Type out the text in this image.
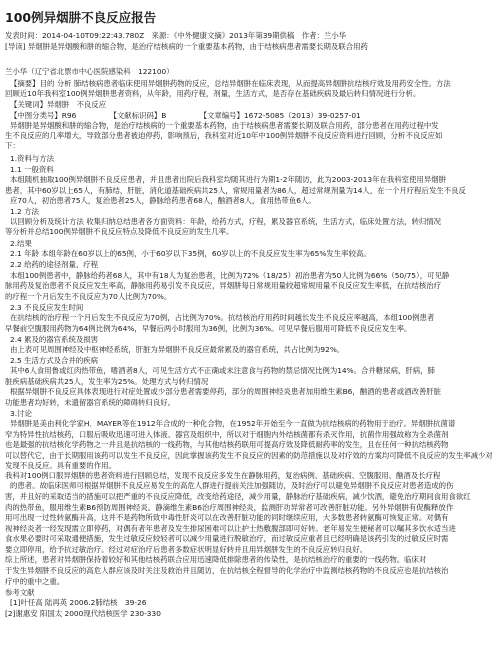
100例异烟肼不良反应报告
发表时间：2014-04-10T09:22:43.780Z　来源：《中外健康文摘》2013年第39期供稿　作者：兰小华
[导读] 异烟肼是异烟酸和肼的缩合物，是治疗结核病的一个重要基本药物，由于结核病患者需要长期及联合用药
兰小华（辽宁省北票市中心医院感染科　122100）
【摘要】目的 分析 肺结核病患者临床使用异烟肼药物的反应，总结异烟肼在临床表现，从而提高异烟肼抗结核疗效及用药安全性。方法
回顾近10年我科室100例异烟肼患者资料，从年龄，用药疗程，剂量，生活方式，是否存在基础疾病及最后转归情况进行分析。
【关键词】异烟肼　不良反应
【中图分类号】R96　　　　　【文献标识码】B　　　　　【文章编号】1672-5085（2013）39-0257-01
异烟肼是异烟酸和肼的缩合物，是治疗结核病的一个重要基本药物，由于结核病患者需要长期及联合用药，部分患者在用药过程中发
生不良反应的几率增大，导致部分患者被迫停药，影响预后，我科室对近10年中100例异烟肼不良反应资料进行回顾，分析不良反应如
下：
1.资料与方法
1.1 一般资料
本组随机抽取100例异烟肼不良反应患者，并且患者出院后我科室均随其进行为期1-2年随访，此为2003-2013年在我科室使用异烟肼
患者，其中60岁以上65人，有肺结，肝脏，消化道基础疾病共25人，常规用量者为86人，超过常规剂量为14人，在一个月疗程后发生不良反
应70人，初治患者75人，复治患者25人，静脉给药患者68人，酗酒者8人，食用热带鱼6人。
1.2 方法
以回顾分析及统计方法 收集归纳总结患者各方面资料：年龄，给药方式，疗程，累及器官系统，生活方式，临床处置方法，转归情况
等分析并总结100例异烟肼不良反应特点及降低不良反应的发生几率。
2.结果
2.1 年龄 本组年龄在60岁以上的65例，小于60岁以下35例，60岁以上的不良反应发生率为65%发生率较高。
2.2 给药的途径剂量、疗程
本组100例患者中，静脉给药者68人，其中有18人为复治患者，比例为72%（18/25）初治患者为50人比例为66%（50/75），可见静
脉用药及复治患者不良反应发生率高，静脉用药易引发不良反应，异烟肼每日常规用量较超常规用量不良反应发生率低，在抗结核治疗
的疗程一个月后发生不良反应为70人比例为70%。
2.3 不良反应发生时间
在抗结核的治疗程一个月后发生不良反应为70例，占比例为70%。抗结核治疗用药时间越长发生不良反应率越高，本组100例患者
早餐前空腹服用药物为64例比例为64%，早餐后两小时服用为36例，比例为36%。可见早餐后服用可降低不良反应发生率。
2.4 累及的器官系统及损害
由上表可见周围神经及中枢神经系统，肝脏为异烟肼不良反应最常累及的器官系统，共占比例为92%。
2.5 生活方式及合并的疾病
其中6人食用鲁或红肉热带鱼，嗜酒者8人，可见生活方式不正确或未注意食与药物的禁忌情况比例为14%。合并糖尿病，肝病，肺
脏疾病基础疾病共25人，发生率为25%。处理方式与转归情况
根据异烟肼不良反应具体表现进行对症处置或少部分患者需要停药，部分的周围神经炎患者加用维生素B6，酗酒的患者或酒改善肝脏
功能患者均好转，未遗留器官系统的障碍转归良好。
3.讨论
异烟肼是美由利化学家H．MAYER等在1912年合成的一种化合物，在1952年开始至今一直做为抗结核病的药物用于治疗。异烟肼抗菌谱
窄为特异性抗结核药，口服后吸收迅速可进入体液、器官及组织中，所以对于细胞内外结核菌都有杀灭作用，抗菌作用强故称为全杀菌剂
也是最强的抗结核化学药物之一并且是抗结核的一线药物，与其他结核药联用可提高疗效及降低耐药率的发生，且在任何一种抗结核药物
可以替代它，由于长期服用该药可以发生不良反应，因此掌握该药发生不良反应的因素的防范措施以及对疗效的方案均可降低不良反应的发生率减少对
发现不良反应。具有重要的作用。
我科对100例口服异烟肼的患者资料进行回顾总结，发现不良反应多发生在静脉用药，复治病例、基础疾病、空腹服用、酗酒及长疗程
的患者。故临床医师可根据异烟肼不良反应易发生的高危人群进行提前关注加强随访，及时治疗可以避免异烟肼不良反应对患者造成的伤
害，并且好的采取适当的措施可以把严重的不良反应降低，改变给药途径，减少用量，静脉治疗基础疾病，减少饮酒，避免治疗期间食用食欲红
肉的热带鱼，服用维生素B6预防周围神经炎。静滴维生素B6治疗周围神经炎，监测肝功异常者可改善肝脏功能。另外异烟肼有促酶释放作
用可出现一过性转氨酶升高，这并不是药物所致中毒性肝炎可以在改善肝脏功能的同时继续应用，大多数患者转氨酶可恢复正常。对偶有
视神经炎者一经发现需立即停药，对偶有者年患者及发生排尿困难可以让护士热敷腹部即可好转。老年易发生便秘者可以嘱其多饮水适当进
食水果必要时可采取通便措施，发生过敏反应较轻者可以减少用量进行脱敏治疗，而过敏反应重者且已经明确是该药引发的过敏反应时需
要立即停用，给予抗过敏治疗。经过对症治疗后患者多数症状明显好转并且用异烟肼发生的不良反应转归良好。
综上所述，患者对异烟肼保持着较好和其他结核药联合应用迅速降低排除患者的传染性，是抗结核治疗的重要的一线药物。临床对
于发生异烟肼不良反应的高危人群应该及时关注及救治并且随访，在抗结核全程督导的化学治疗中监测结核药物的不良反应也是抗结核治
疗中的重中之重。
参考文献
[1]叶任高 陆再英 2006.2肺结核　39-26
[2]谢惠安 阳国太 2000现代结核医学 230-330
